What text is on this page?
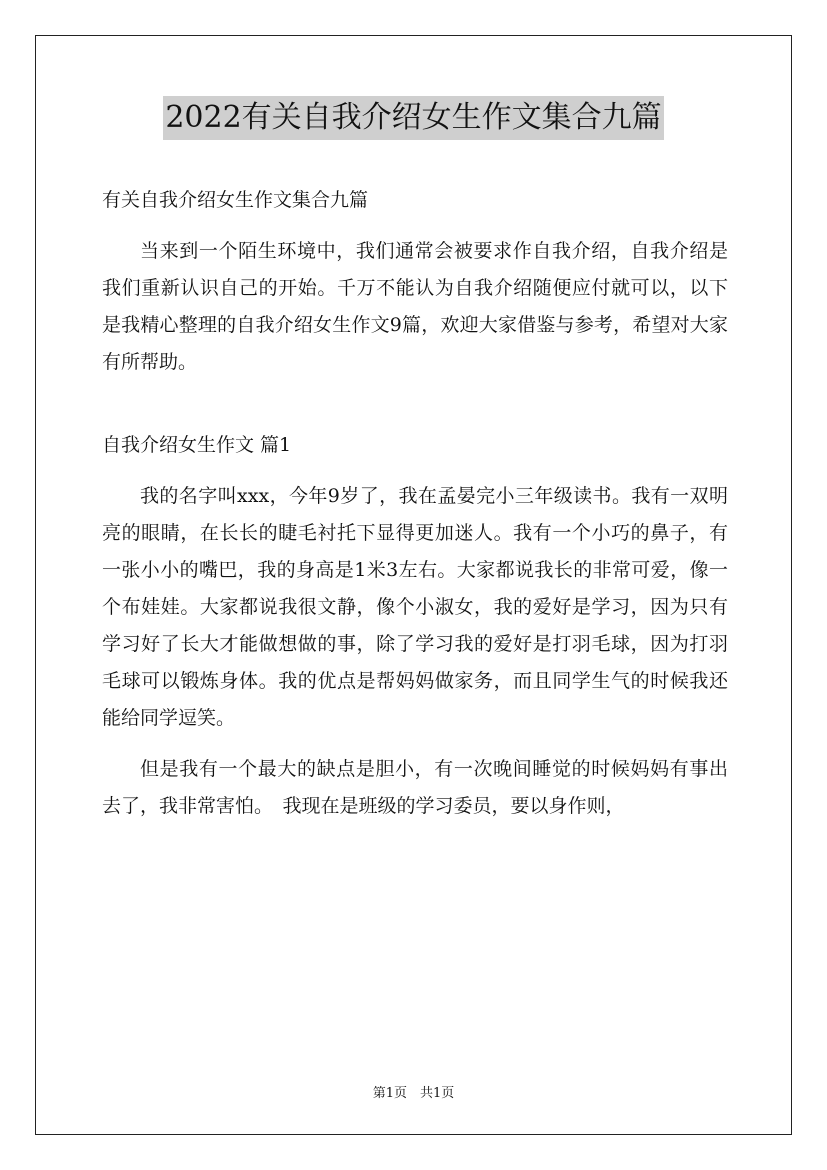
2022有关自我介绍女生作文集合九篇

有关自我介绍女生作文集合九篇

当来到一个陌生环境中，我们通常会被要求作自我介绍，自我介绍是我们重新认识自己的开始。千万不能认为自我介绍随便应付就可以，以下是我精心整理的自我介绍女生作文9篇，欢迎大家借鉴与参考，希望对大家有所帮助。

自我介绍女生作文 篇1

我的名字叫xxx，今年9岁了，我在孟晏完小三年级读书。我有一双明亮的眼睛，在长长的睫毛衬托下显得更加迷人。我有一个小巧的鼻子，有一张小小的嘴巴，我的身高是1米3左右。大家都说我长的非常可爱，像一个布娃娃。大家都说我很文静，像个小淑女，我的爱好是学习，因为只有学习好了长大才能做想做的事，除了学习我的爱好是打羽毛球，因为打羽毛球可以锻炼身体。我的优点是帮妈妈做家务，而且同学生气的时候我还能给同学逗笑。

但是我有一个最大的缺点是胆小，有一次晚间睡觉的时候妈妈有事出去了，我非常害怕。　我现在是班级的学习委员，要以身作则，

第1页　共1页
